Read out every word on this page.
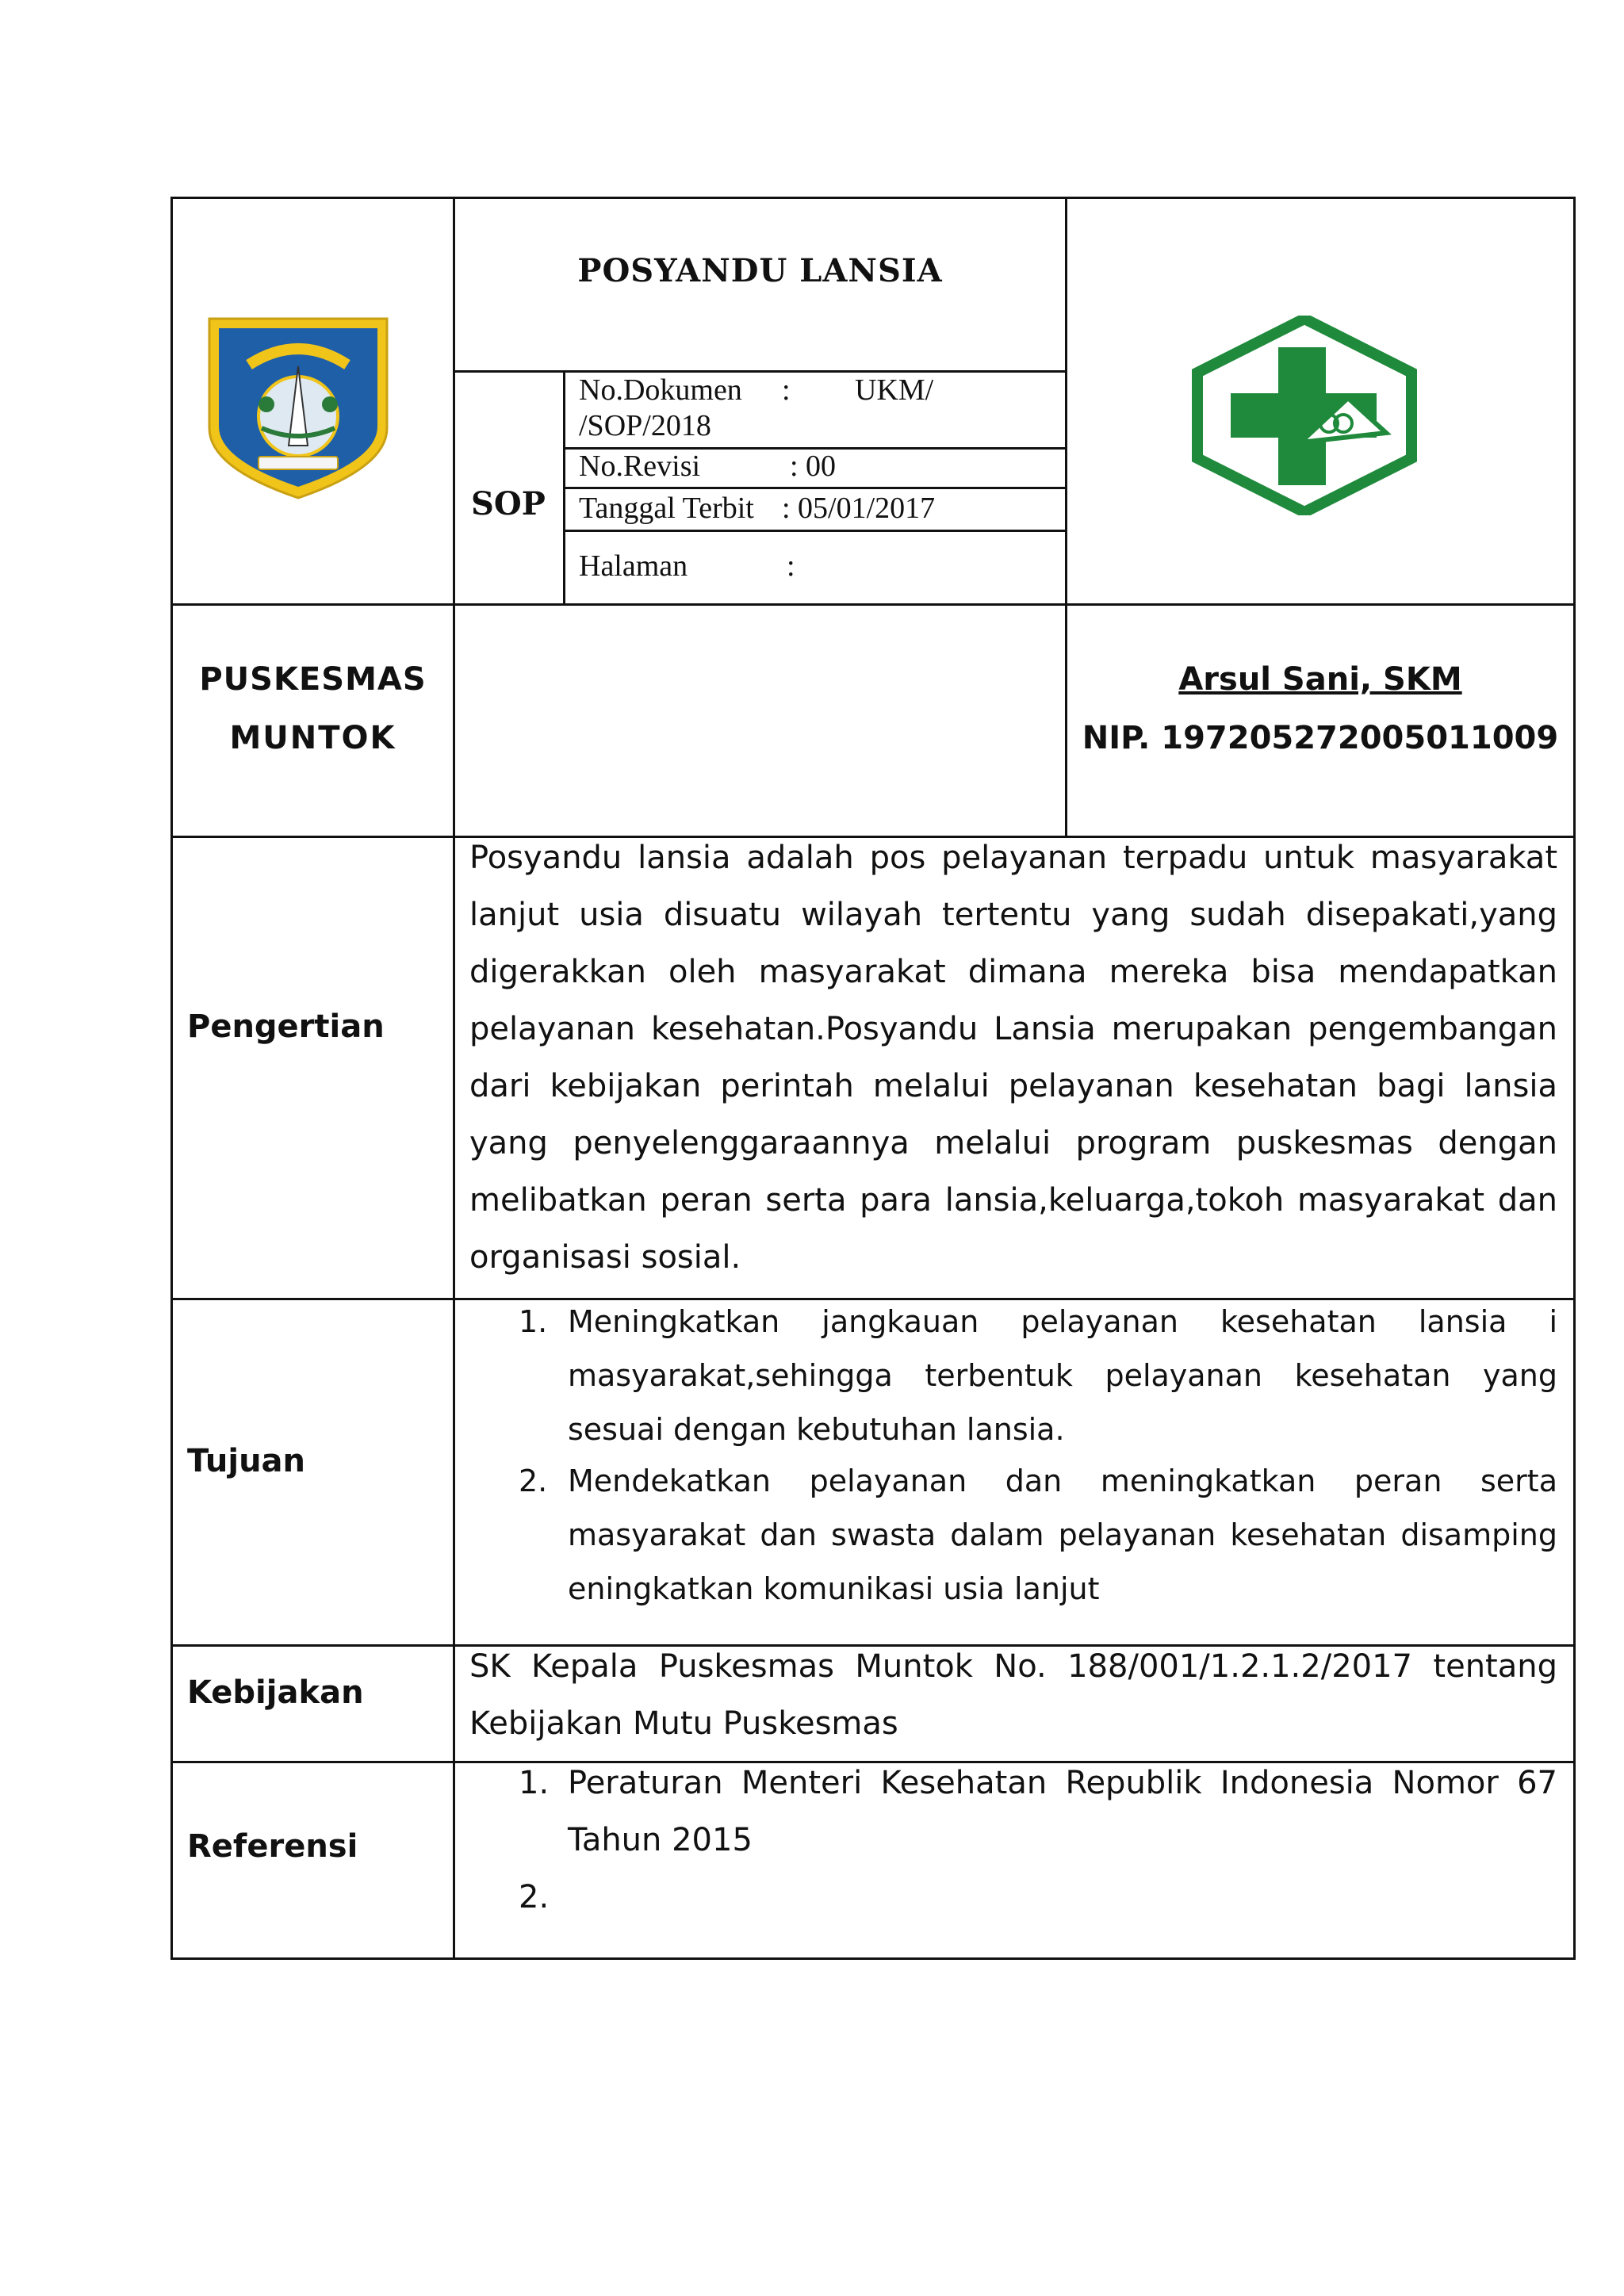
POSYANDU LANSIA
SOP
No.Dokumen : UKM/
/SOP/2018
No.Revisi	: 00
Tanggal Terbit : 05/01/2017
Halaman	:
PUSKESMAS
MUNTOK
Arsul Sani, SKM
NIP. 197205272005011009
Pengertian
Posyandu lansia adalah pos pelayanan terpadu untuk masyarakat lanjut usia disuatu wilayah tertentu yang sudah disepakati,yang digerakkan oleh masyarakat dimana mereka bisa mendapatkan pelayanan kesehatan.Posyandu Lansia merupakan pengembangan dari kebijakan perintah melalui pelayanan kesehatan bagi lansia yang penyelenggaraannya melalui program puskesmas dengan melibatkan peran serta para lansia,keluarga,tokoh masyarakat dan organisasi sosial.
Tujuan
1. Meningkatkan jangkauan pelayanan kesehatan lansia i masyarakat,sehingga terbentuk pelayanan kesehatan yang sesuai dengan kebutuhan lansia.
2. Mendekatkan pelayanan dan meningkatkan peran serta masyarakat dan swasta dalam pelayanan kesehatan disamping eningkatkan komunikasi usia lanjut
Kebijakan
SK Kepala Puskesmas Muntok No. 188/001/1.2.1.2/2017 tentang Kebijakan Mutu Puskesmas
Referensi
1. Peraturan Menteri Kesehatan Republik Indonesia Nomor 67 Tahun 2015
2.
